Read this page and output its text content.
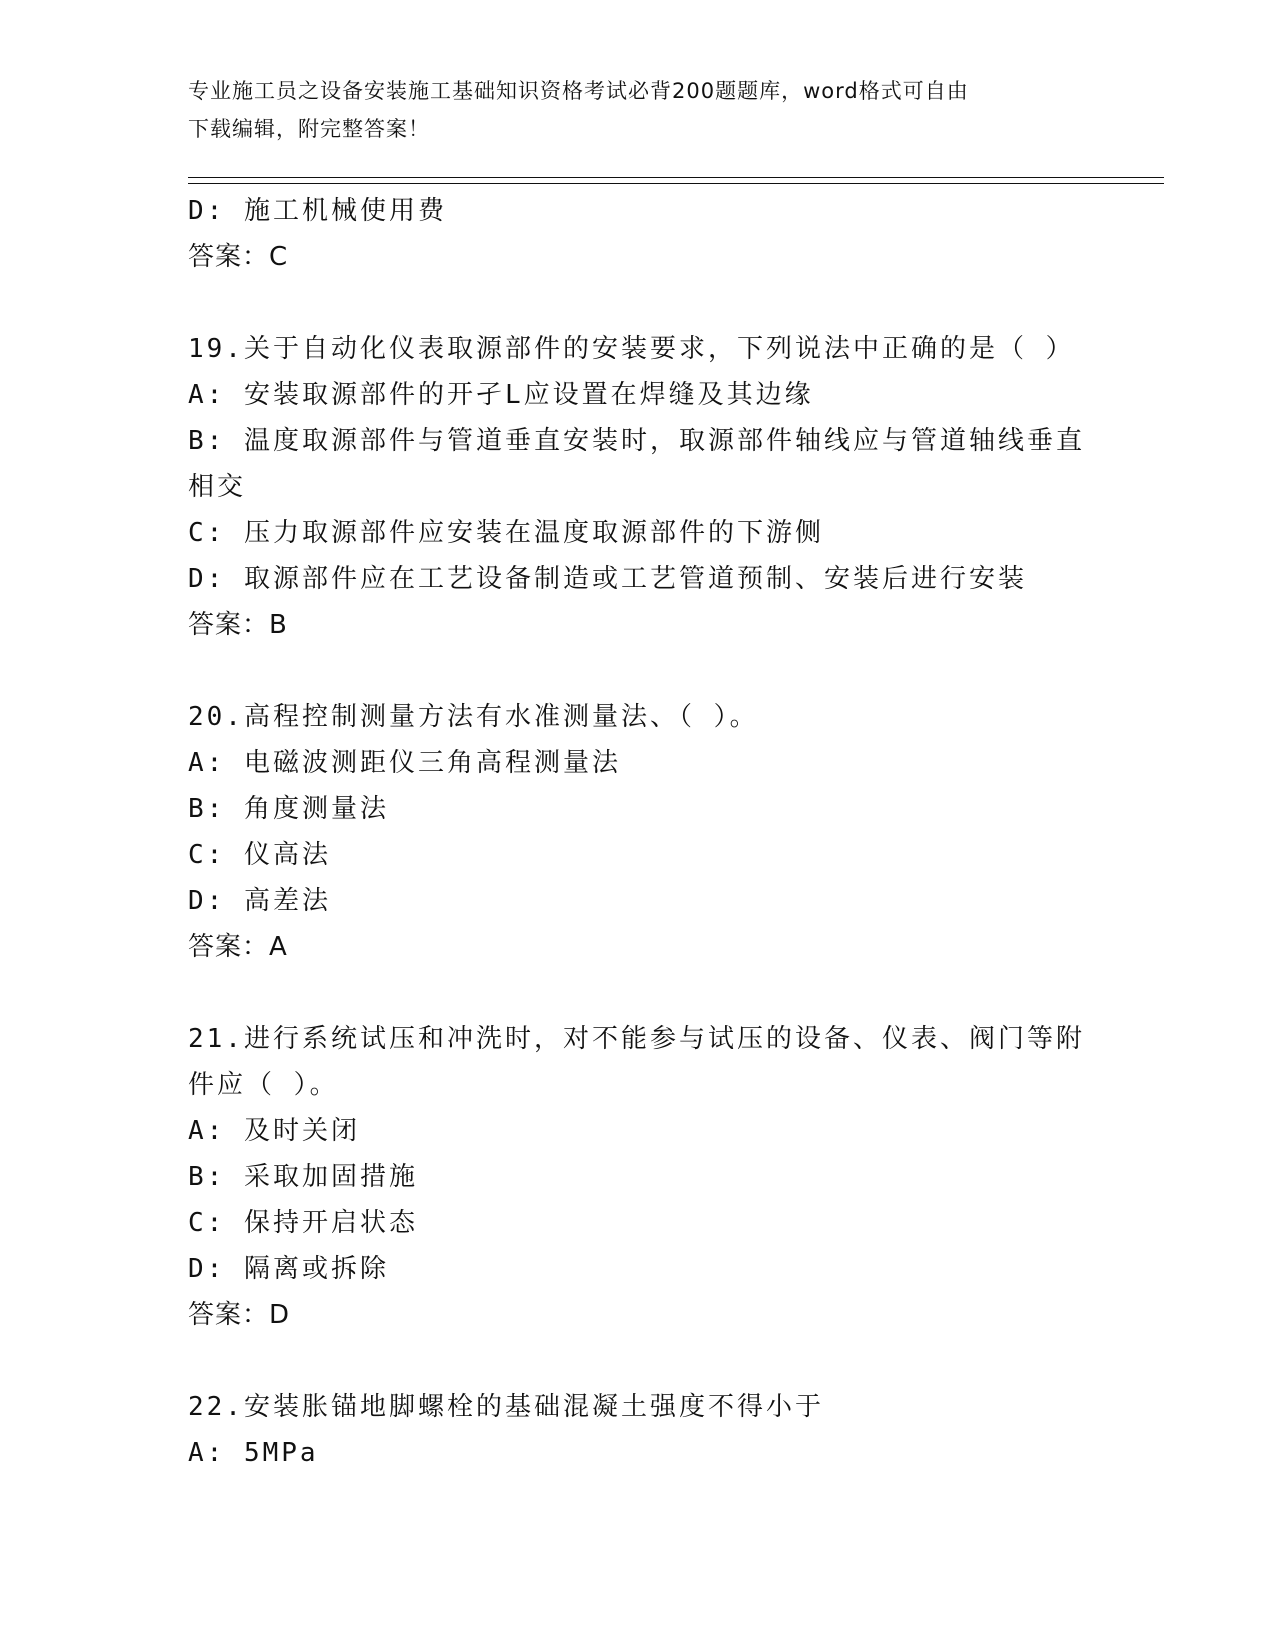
专业施工员之设备安装施工基础知识资格考试必背200题题库，word格式可自由
下载编辑，附完整答案！
D: 施工机械使用费
答案：C
19.关于自动化仪表取源部件的安装要求，下列说法中正确的是（ ）
A: 安装取源部件的开孑L应设置在焊缝及其边缘
B: 温度取源部件与管道垂直安装时，取源部件轴线应与管道轴线垂直
相交
C: 压力取源部件应安装在温度取源部件的下游侧
D: 取源部件应在工艺设备制造或工艺管道预制、安装后进行安装
答案：B
20.高程控制测量方法有水准测量法、（ ）。
A: 电磁波测距仪三角高程测量法
B: 角度测量法
C: 仪高法
D: 高差法
答案：A
21.进行系统试压和冲洗时，对不能参与试压的设备、仪表、阀门等附
件应（ ）。
A: 及时关闭
B: 采取加固措施
C: 保持开启状态
D: 隔离或拆除
答案：D
22.安装胀锚地脚螺栓的基础混凝土强度不得小于
A: 5MPa
